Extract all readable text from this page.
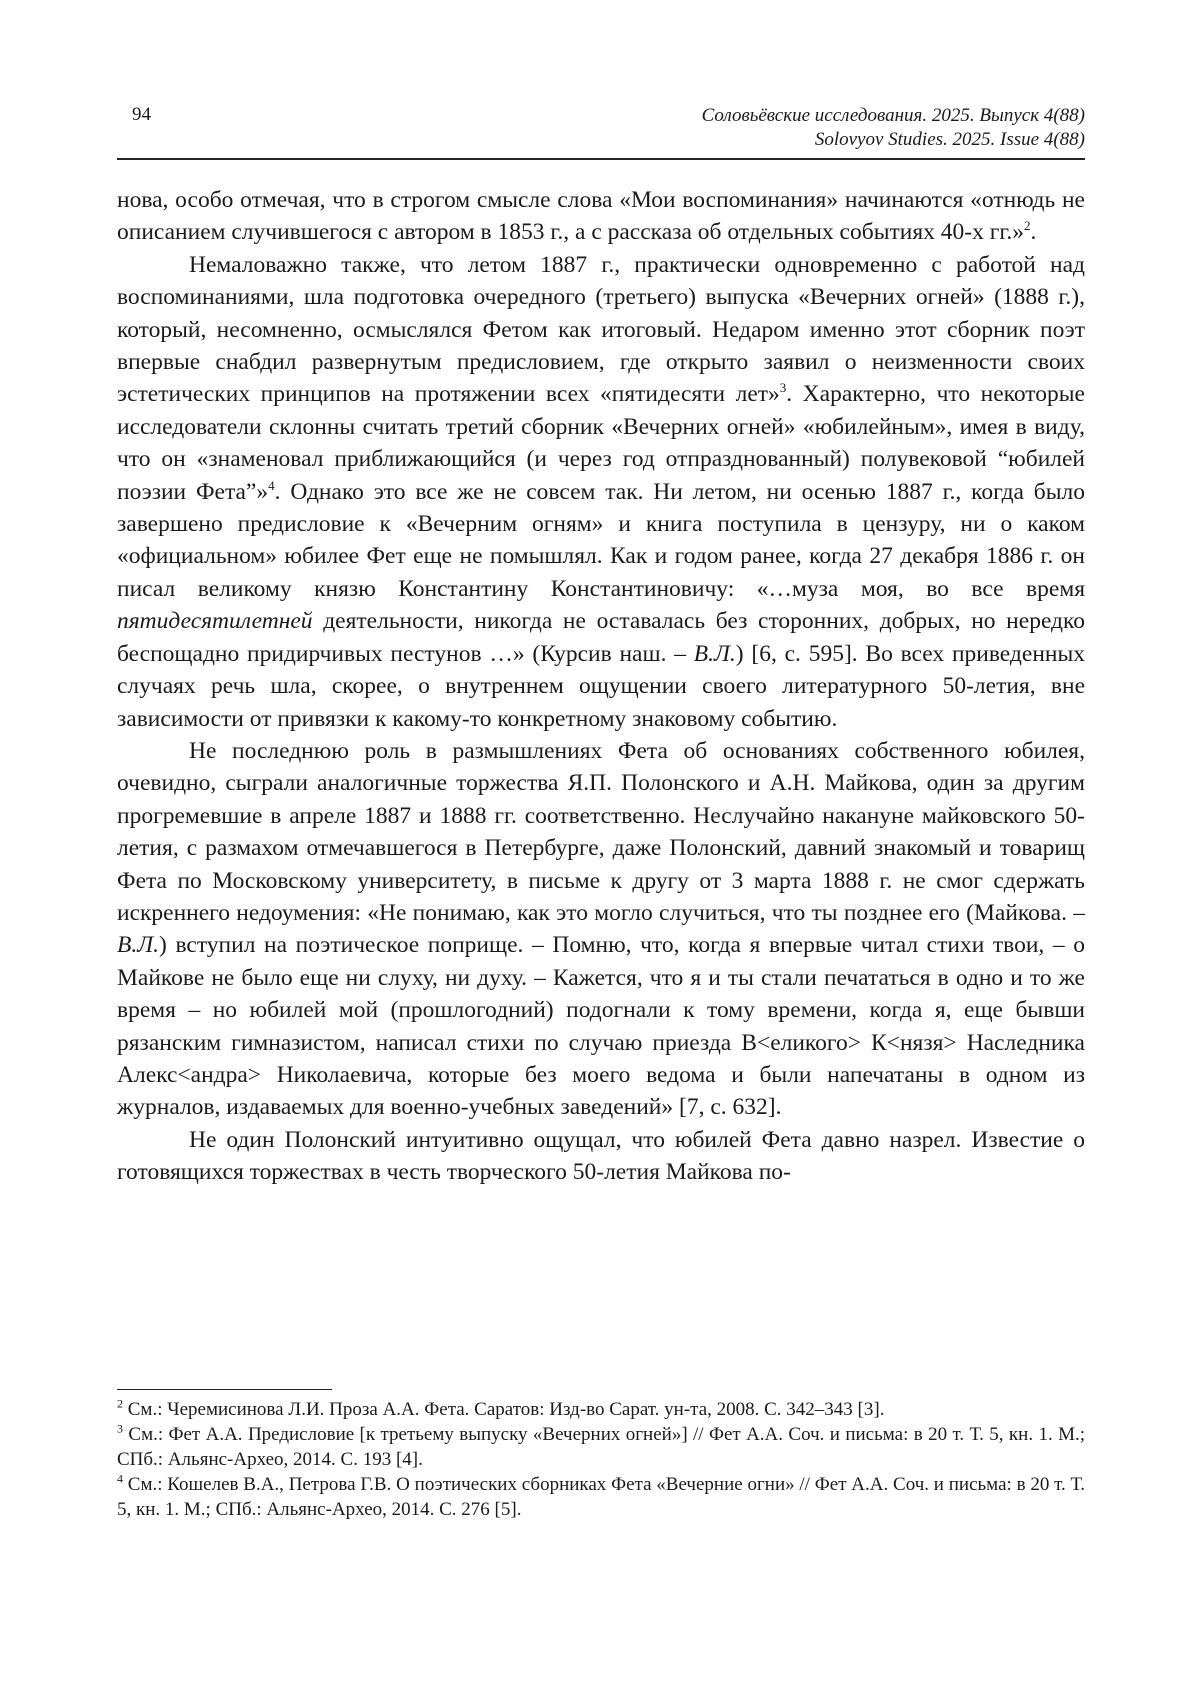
94	Соловьёвские исследования. 2025. Выпуск 4(88)
Solovyov Studies. 2025. Issue 4(88)

нова, особо отмечая, что в строгом смысле слова «Мои воспоминания» начинаются «отнюдь не описанием случившегося с автором в 1853 г., а с рассказа об отдельных событиях 40-х гг.»$^2$.

Немаловажно также, что летом 1887 г., практически одновременно с работой над воспоминаниями, шла подготовка очередного (третьего) выпуска «Вечерних огней» (1888 г.), который, несомненно, осмыслялся Фетом как итоговый. Недаром именно этот сборник поэт впервые снабдил развернутым предисловием, где открыто заявил о неизменности своих эстетических принципов на протяжении всех «пятидесяти лет»$^3$. Характерно, что некоторые исследователи склонны считать третий сборник «Вечерних огней» «юбилейным», имея в виду, что он «знаменовал приближающийся (и через год отпразднованный) полувековой “юбилей поэзии Фета”»$^4$. Однако это все же не совсем так. Ни летом, ни осенью 1887 г., когда было завершено предисловие к «Вечерним огням» и книга поступила в цензуру, ни о каком «официальном» юбилее Фет еще не помышлял. Как и годом ранее, когда 27 декабря 1886 г. он писал великому князю Константину Константиновичу: «…муза моя, во все время пятидесятилетней деятельности, никогда не оставалась без сторонних, добрых, но нередко беспощадно придирчивых пестунов …» (Курсив наш. – В.Л.) [6, с. 595]. Во всех приведенных случаях речь шла, скорее, о внутреннем ощущении своего литературного 50-летия, вне зависимости от привязки к какому-то конкретному знаковому событию.

Не последнюю роль в размышлениях Фета об основаниях собственного юбилея, очевидно, сыграли аналогичные торжества Я.П. Полонского и А.Н. Майкова, один за другим прогремевшие в апреле 1887 и 1888 гг. соответственно. Неслучайно накануне майковского 50-летия, с размахом отмечавшегося в Петербурге, даже Полонский, давний знакомый и товарищ Фета по Московскому университету, в письме к другу от 3 марта 1888 г. не смог сдержать искреннего недоумения: «Не понимаю, как это могло случиться, что ты позднее его (Майкова. – В.Л.) вступил на поэтическое поприще. – Помню, что, когда я впервые читал стихи твои, – о Майкове не было еще ни слуху, ни духу. – Кажется, что я и ты стали печататься в одно и то же время – но юбилей мой (прошлогодний) подогнали к тому времени, когда я, еще бывши рязанским гимназистом, написал стихи по случаю приезда В<еликого> К<нязя> Наследника Алекс<андра> Николаевича, которые без моего ведома и были напечатаны в одном из журналов, издаваемых для военно-учебных заведений» [7, с. 632].

Не один Полонский интуитивно ощущал, что юбилей Фета давно назрел. Известие о готовящихся торжествах в честь творческого 50-летия Майкова по-

$^2$ См.: Черемисинова Л.И. Проза А.А. Фета. Саратов: Изд-во Сарат. ун-та, 2008. С. 342–343 [3].

$^3$ См.: Фет А.А. Предисловие [к третьему выпуску «Вечерних огней»] // Фет А.А. Соч. и письма: в 20 т. Т. 5, кн. 1. М.; СПб.: Альянс-Архео, 2014. С. 193 [4].

$^4$ См.: Кошелев В.А., Петрова Г.В. О поэтических сборниках Фета «Вечерние огни» // Фет А.А. Соч. и письма: в 20 т. Т. 5, кн. 1. М.; СПб.: Альянс-Архео, 2014. С. 276 [5].
